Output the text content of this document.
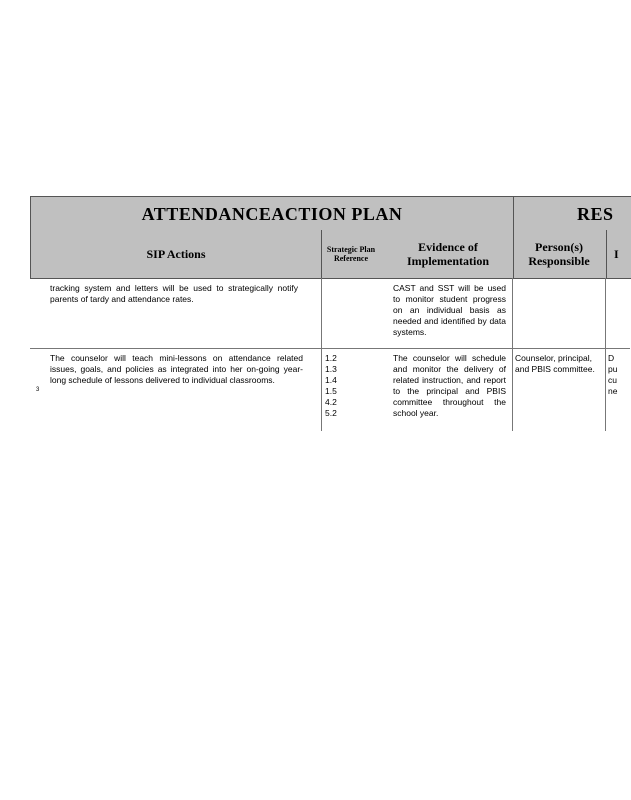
ATTENDANCEACTION PLAN	RES
SIP Actions	Strategic Plan Reference
Evidence of Implementation
Person(s) Responsible
I
tracking system and letters will be used to strategically notify parents of tardy and attendance rates.
CAST and SST will be used to monitor student progress on an individual basis as needed and identified by data systems.
3
The counselor will teach mini-lessons on attendance related issues, goals, and policies as integrated into her on-going year-long schedule of lessons delivered to individual classrooms.
1.2
1.3
1.4
1.5
4.2
5.2
The counselor will schedule and monitor the delivery of related instruction, and report to the principal and PBIS committee throughout the school year.
Counselor, principal, and PBIS committee.
D pu cu ne
